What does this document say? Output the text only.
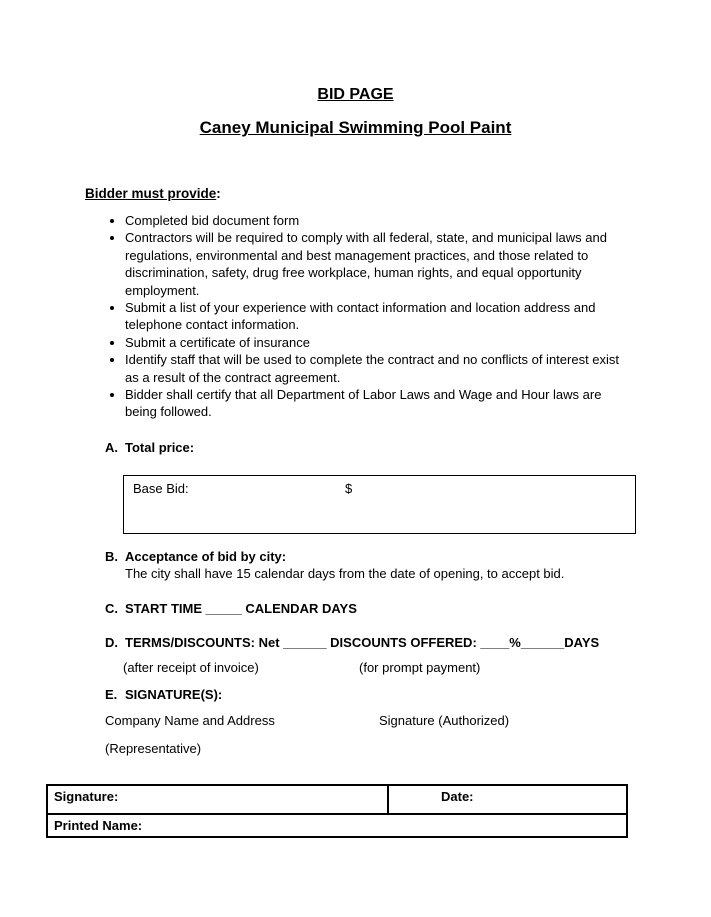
BID PAGE
Caney Municipal Swimming Pool Paint
Bidder must provide:
• Completed bid document form
• Contractors will be required to comply with all federal, state, and municipal laws and regulations, environmental and best management practices, and those related to discrimination, safety, drug free workplace, human rights, and equal opportunity employment.
• Submit a list of your experience with contact information and location address and telephone contact information.
• Submit a certificate of insurance
• Identify staff that will be used to complete the contract and no conflicts of interest exist as a result of the contract agreement.
• Bidder shall certify that all Department of Labor Laws and Wage and Hour laws are being followed.
A. Total price:
Base Bid:	$
B. Acceptance of bid by city:
The city shall have 15 calendar days from the date of opening, to accept bid.
C. START TIME _____ CALENDAR DAYS
D. TERMS/DISCOUNTS: Net ______ DISCOUNTS OFFERED: ____%______DAYS
(after receipt of invoice)	(for prompt payment)
E. SIGNATURE(S):
Company Name and Address	Signature (Authorized)
(Representative)
Signature:	Date:
Printed Name:
